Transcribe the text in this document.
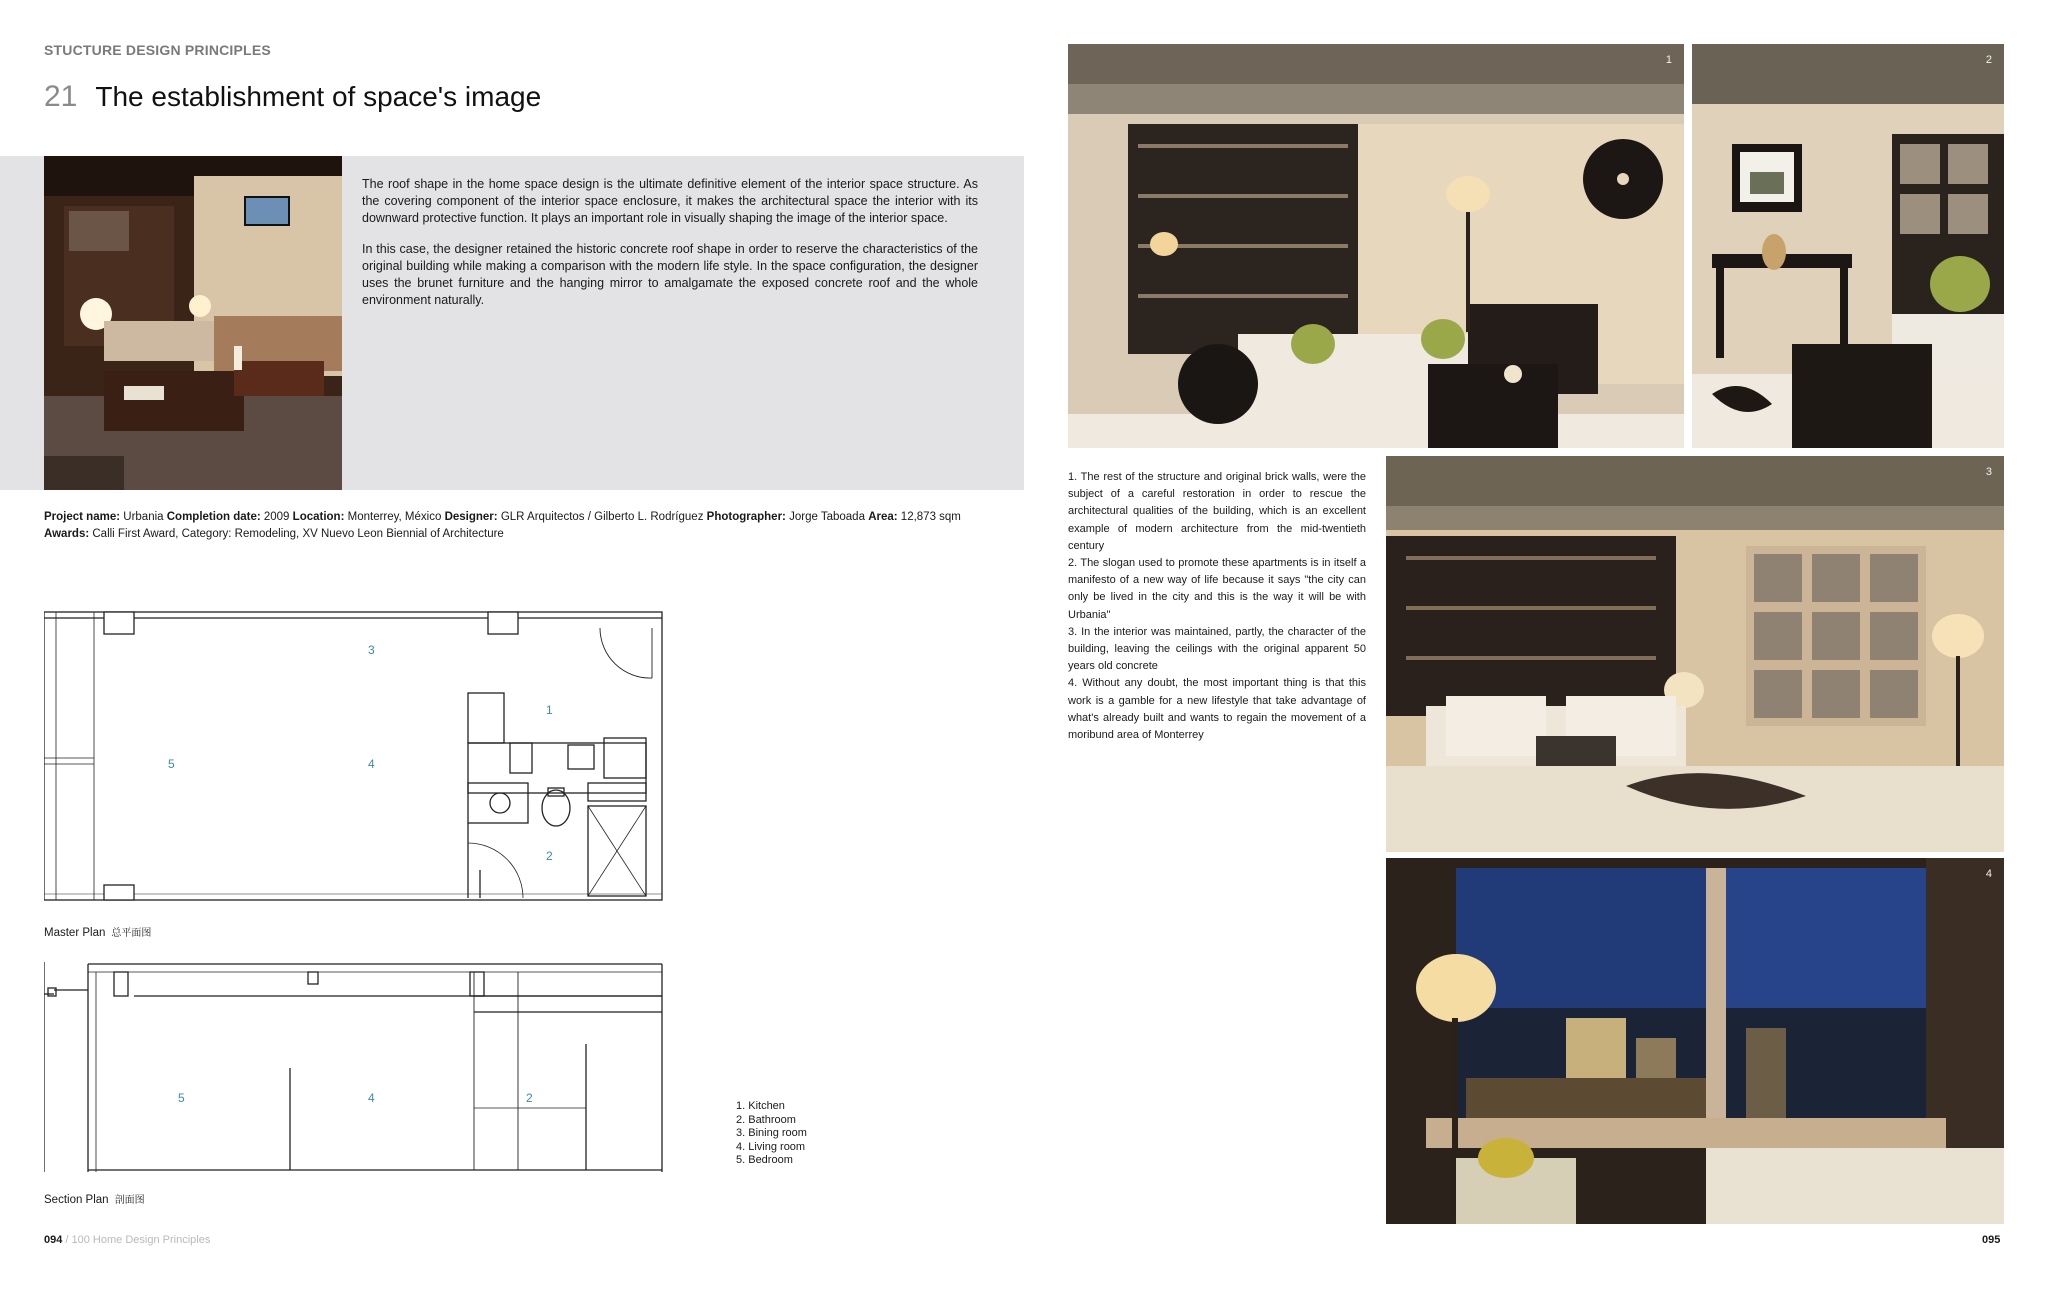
STUCTURE DESIGN PRINCIPLES
21 The establishment of space's image

The roof shape in the home space design is the ultimate definitive element of the interior space structure. As the covering component of the interior space enclosure, it makes the architectural space the interior with its downward protective function. It plays an important role in visually shaping the image of the interior space.

In this case, the designer retained the historic concrete roof shape in order to reserve the characteristics of the original building while making a comparison with the modern life style. In the space configuration, the designer uses the brunet furniture and the hanging mirror to amalgamate the exposed concrete roof and the whole environment naturally.

Project name: Urbania Completion date: 2009 Location: Monterrey, México Designer: GLR Arquitectos / Gilberto L. Rodríguez Photographer: Jorge Taboada Area: 12,873 sqm Awards: Calli First Award, Category: Remodeling, XV Nuevo Leon Biennial of Architecture
3
1
5	4
2
Master Plan 总平面图
5	4	2
Section Plan 剖面图
1. Kitchen
2. Bathroom
3. Bining room
4. Living room
5. Bedroom
094 / 100 Home Design Principles	095
1	2

1. The rest of the structure and original brick walls, were the subject of a careful restoration in order to rescue the architectural qualities of the building, which is an excellent example of modern architecture from the mid-twentieth century

2. The slogan used to promote these apartments is in itself a manifesto of a new way of life because it says "the city can only be lived in the city and this is the way it will be with Urbania"

3. In the interior was maintained, partly, the character of the building, leaving the ceilings with the original apparent 50 years old concrete

4. Without any doubt, the most important thing is that this work is a gamble for a new lifestyle that take advantage of what's already built and wants to regain the movement of a moribund area of Monterrey

3
4
